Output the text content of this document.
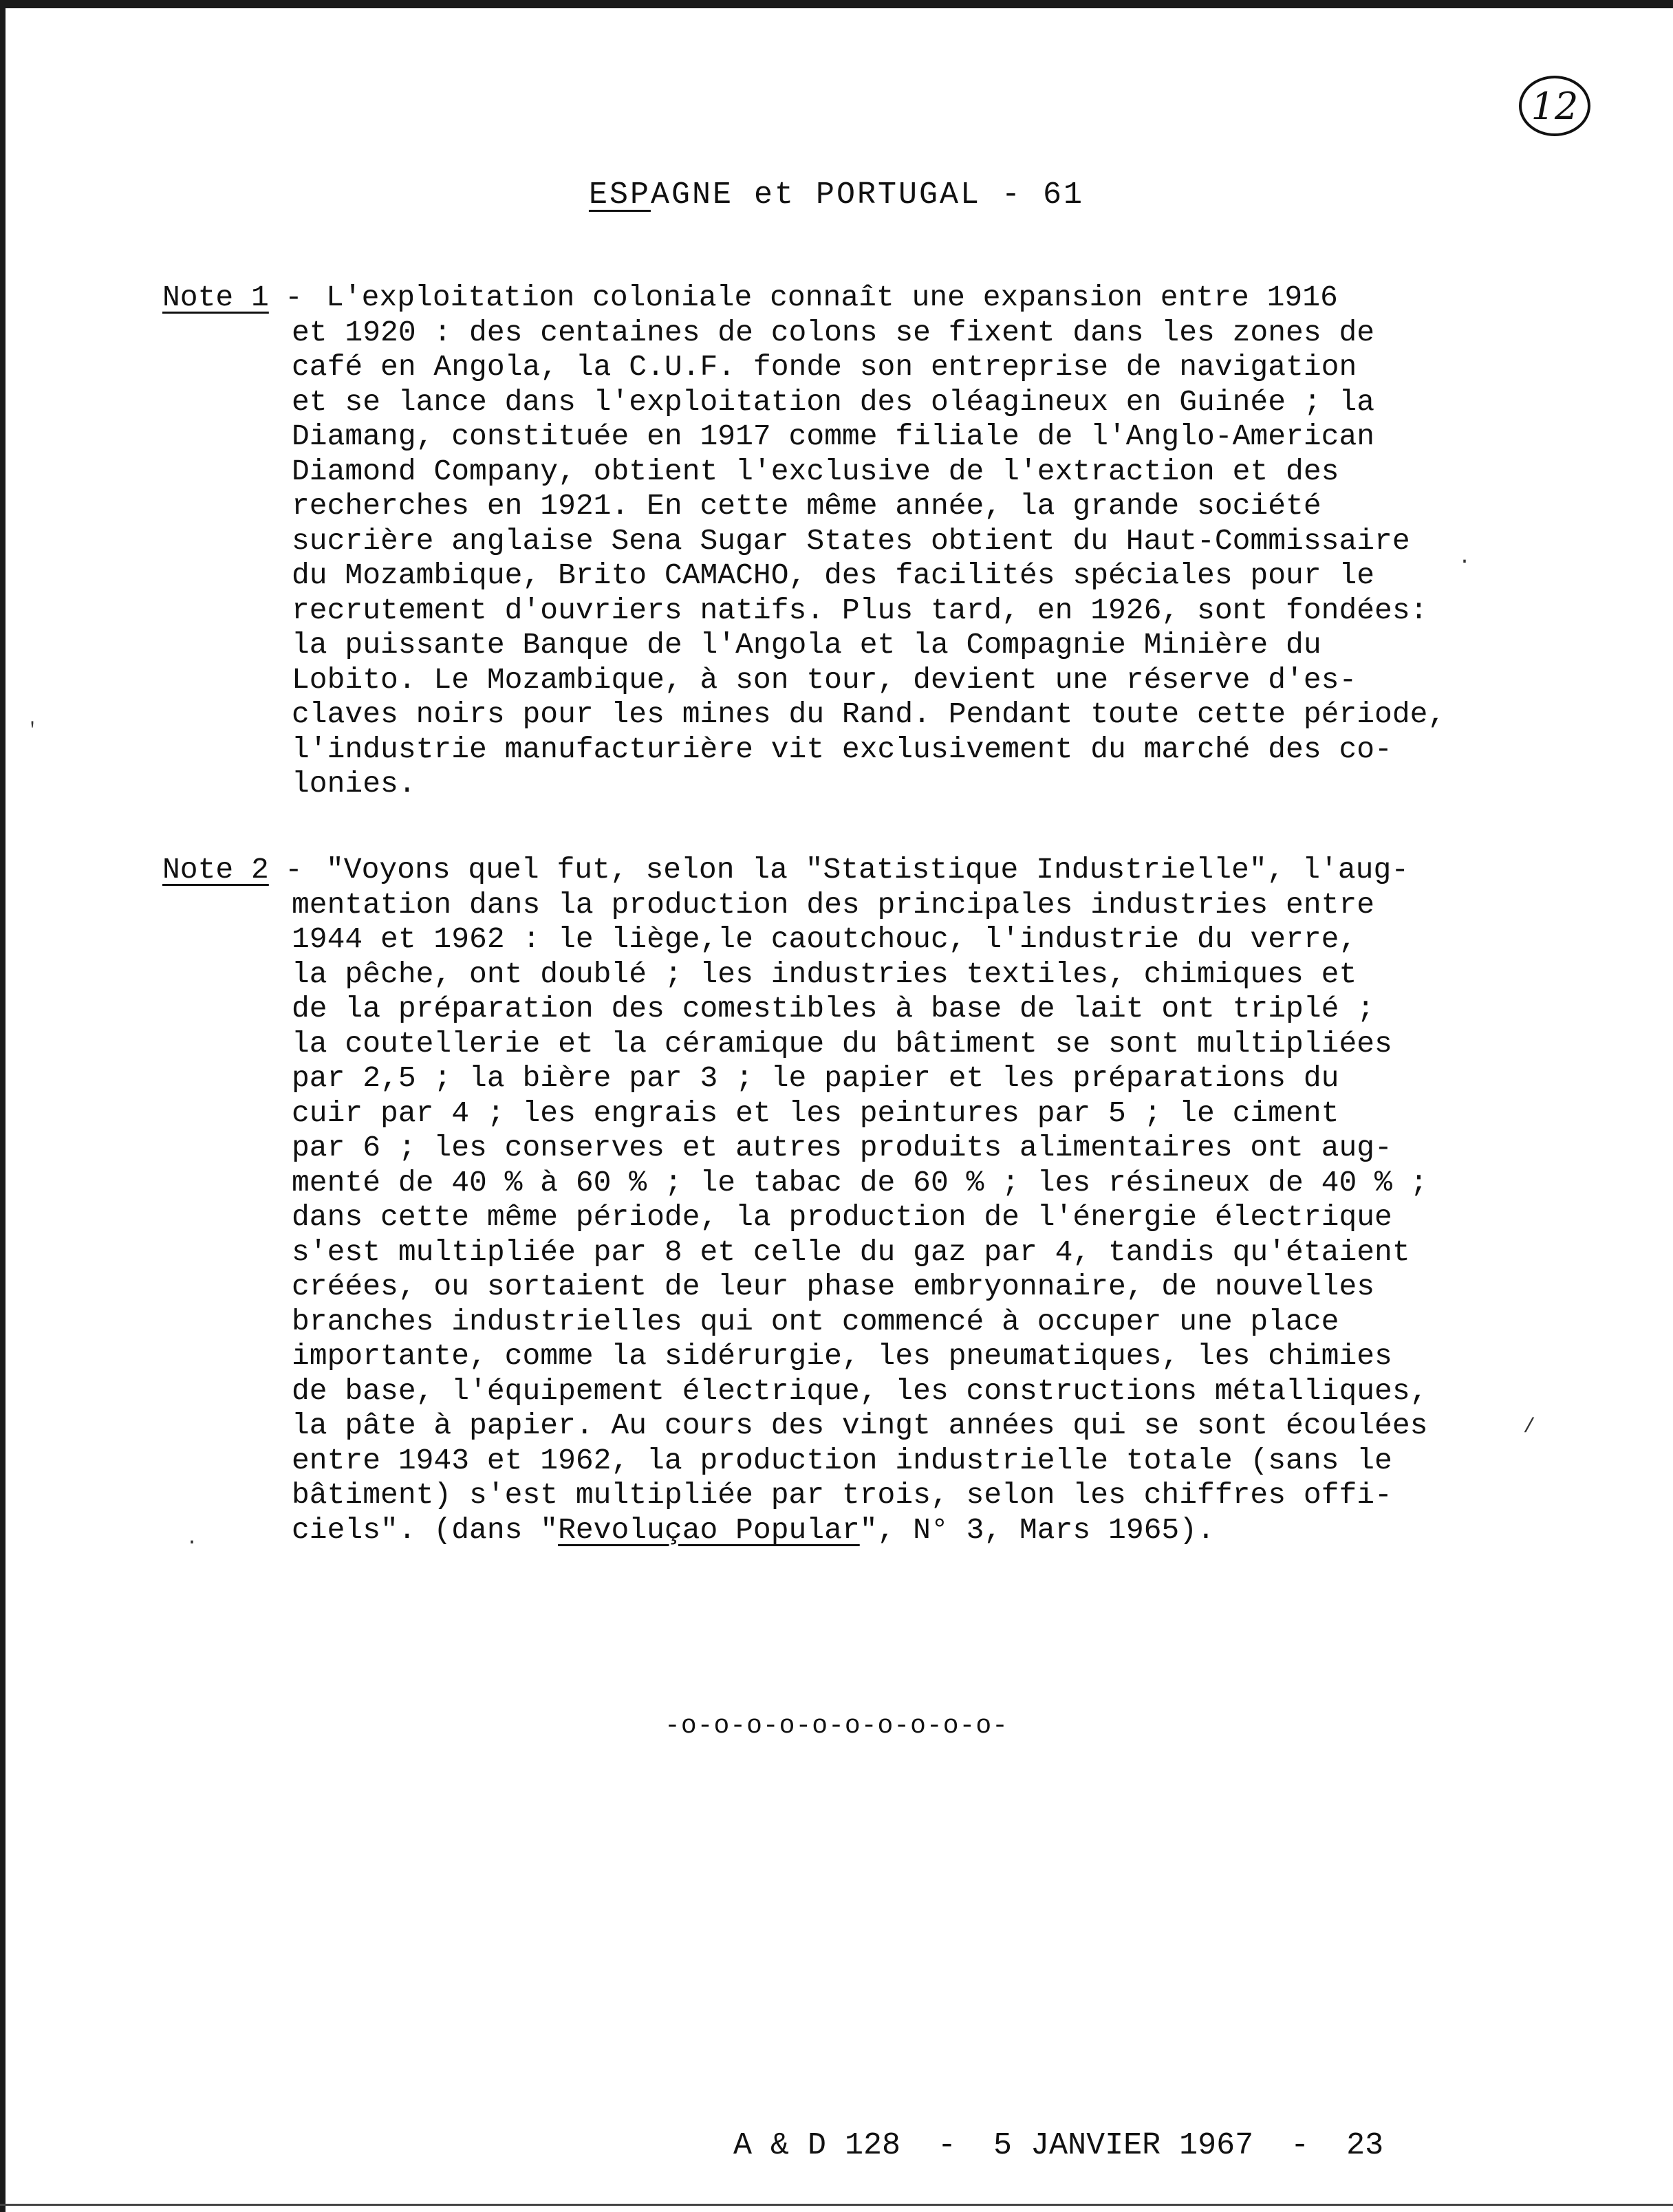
12
ESPAGNE et PORTUGAL - 61
Note 1 - L'exploitation coloniale connaît une expansion entre 1916
et 1920 : des centaines de colons se fixent dans les zones de
café en Angola, la C.U.F. fonde son entreprise de navigation
et se lance dans l'exploitation des oléagineux en Guinée ; la
Diamang, constituée en 1917 comme filiale de l'Anglo-American
Diamond Company, obtient l'exclusive de l'extraction et des
recherches en 1921. En cette même année, la grande société
sucrière anglaise Sena Sugar States obtient du Haut-Commissaire
du Mozambique, Brito CAMACHO, des facilités spéciales pour le
recrutement d'ouvriers natifs. Plus tard, en 1926, sont fondées:
la puissante Banque de l'Angola et la Compagnie Minière du
Lobito. Le Mozambique, à son tour, devient une réserve d'es-
claves noirs pour les mines du Rand. Pendant toute cette période,
l'industrie manufacturière vit exclusivement du marché des co-
lonies.
Note 2 - "Voyons quel fut, selon la "Statistique Industrielle", l'aug-
mentation dans la production des principales industries entre
1944 et 1962 : le liège,le caoutchouc, l'industrie du verre,
la pêche, ont doublé ; les industries textiles, chimiques et
de la préparation des comestibles à base de lait ont triplé ;
la coutellerie et la céramique du bâtiment se sont multipliées
par 2,5 ; la bière par 3 ; le papier et les préparations du
cuir par 4 ; les engrais et les peintures par 5 ; le ciment
par 6 ; les conserves et autres produits alimentaires ont aug-
menté de 40 % à 60 % ; le tabac de 60 % ; les résineux de 40 % ;
dans cette même période, la production de l'énergie électrique
s'est multipliée par 8 et celle du gaz par 4, tandis qu'étaient
créées, ou sortaient de leur phase embryonnaire, de nouvelles
branches industrielles qui ont commencé à occuper une place
importante, comme la sidérurgie, les pneumatiques, les chimies
de base, l'équipement électrique, les constructions métalliques,
la pâte à papier. Au cours des vingt années qui se sont écoulées
entre 1943 et 1962, la production industrielle totale (sans le
bâtiment) s'est multipliée par trois, selon les chiffres offi-
ciels". (dans "Revoluçao Popular", N° 3, Mars 1965).
-o-o-o-o-o-o-o-o-o-o-
A & D 128  -  5 JANVIER 1967  -  23
ꞌ
/
·
·
